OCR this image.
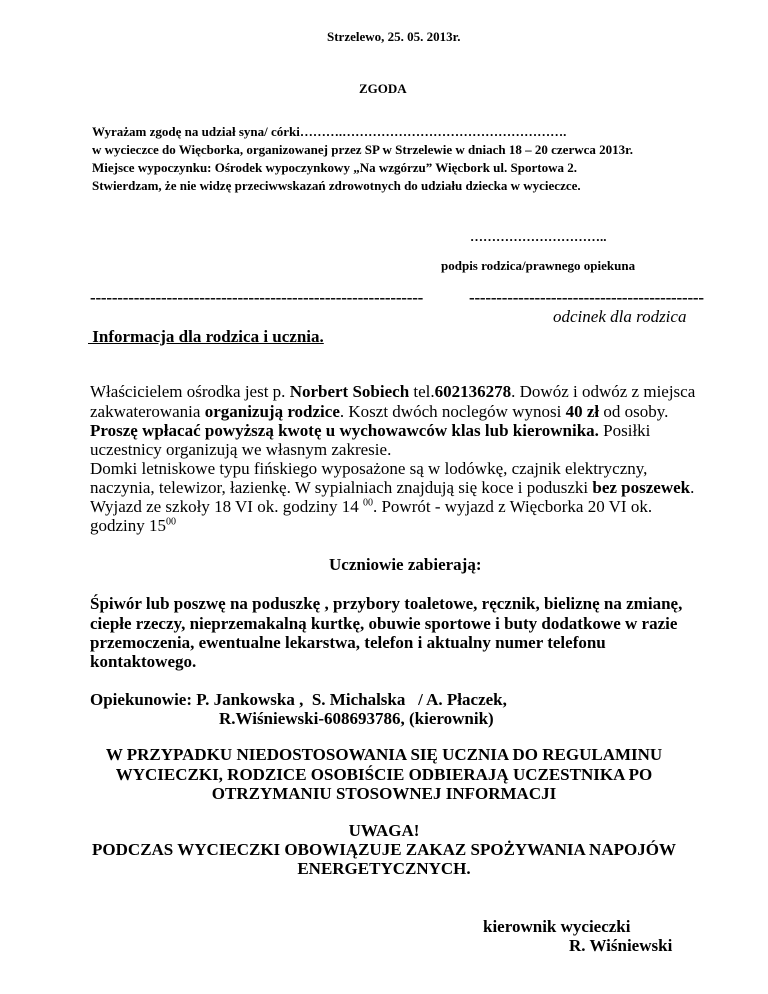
Strzelewo, 25. 05. 2013r.
ZGODA
Wyrażam zgodę na udział syna/ córki……….…………………………………………….
w wycieczce do Więcborka, organizowanej przez SP w Strzelewie w dniach 18 – 20 czerwca 2013r.
Miejsce wypoczynku: Ośrodek wypoczynkowy „Na wzgórzu” Więcbork ul. Sportowa 2.
Stwierdzam, że nie widzę przeciwwskazań zdrowotnych do udziału dziecka w wycieczce.
…………………………..
podpis rodzica/prawnego opiekuna
-------------------------------------------------------------	-------------------------------------------
odcinek dla rodzica
Informacja dla rodzica i ucznia.
Właścicielem ośrodka jest p. Norbert Sobiech tel.602136278. Dowóz i odwóz z miejsca
zakwaterowania organizują rodzice. Koszt dwóch noclegów wynosi 40 zł od osoby.
Proszę wpłacać powyższą kwotę u wychowawców klas lub kierownika. Posiłki
uczestnicy organizują we własnym zakresie.
Domki letniskowe typu fińskiego wyposażone są w lodówkę, czajnik elektryczny,
naczynia, telewizor, łazienkę. W sypialniach znajdują się koce i poduszki bez poszewek.
Wyjazd ze szkoły 18 VI ok. godziny 14 $^{00}$. Powrót - wyjazd z Więcborka 20 VI ok.
godziny $15^{00}$
Uczniowie zabierają:
Śpiwór lub poszwę na poduszkę , przybory toaletowe, ręcznik, bieliznę na zmianę,
ciepłe rzeczy, nieprzemakalną kurtkę, obuwie sportowe i buty dodatkowe w razie
przemoczenia, ewentualne lekarstwa, telefon i aktualny numer telefonu
kontaktowego.
Opiekunowie: P. Jankowska ,  S. Michalska   / A. Płaczek,
R.Wiśniewski-608693786, (kierownik)
W PRZYPADKU NIEDOSTOSOWANIA SIĘ UCZNIA DO REGULAMINU
WYCIECZKI, RODZICE OSOBIŚCIE ODBIERAJĄ UCZESTNIKA PO
OTRZYMANIU STOSOWNEJ INFORMACJI
UWAGA!
PODCZAS WYCIECZKI OBOWIĄZUJE ZAKAZ SPOŻYWANIA NAPOJÓW
ENERGETYCZNYCH.
kierownik wycieczki
R. Wiśniewski
